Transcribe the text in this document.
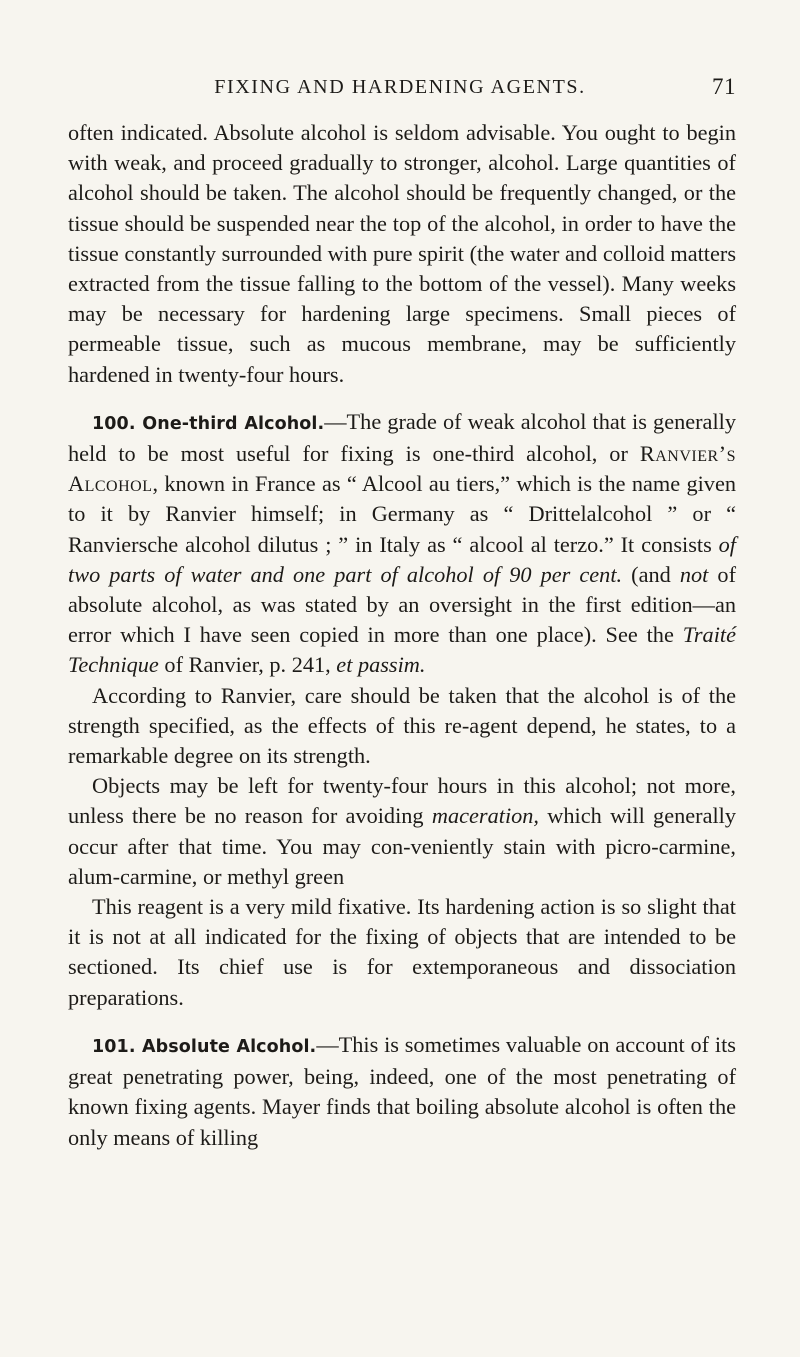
FIXING AND HARDENING AGENTS.	71

often indicated. Absolute alcohol is seldom advisable. You ought to begin with weak, and proceed gradually to stronger, alcohol. Large quantities of alcohol should be taken. The alcohol should be frequently changed, or the tissue should be suspended near the top of the alcohol, in order to have the tissue constantly surrounded with pure spirit (the water and colloid matters extracted from the tissue falling to the bottom of the vessel). Many weeks may be necessary for hardening large specimens. Small pieces of permeable tissue, such as mucous membrane, may be sufficiently hardened in twenty-four hours.

100. One-third Alcohol.—The grade of weak alcohol that is generally held to be most useful for fixing is one-third alcohol, or Ranvier’s Alcohol, known in France as “ Alcool au tiers,” which is the name given to it by Ranvier himself; in Germany as “ Drittelalcohol ” or “ Ranviersche alcohol dilutus ; ” in Italy as “ alcool al terzo.” It consists of two parts of water and one part of alcohol of 90 per cent. (and not of absolute alcohol, as was stated by an oversight in the first edition—an error which I have seen copied in more than one place). See the Traité Technique of Ranvier, p. 241, et passim.

According to Ranvier, care should be taken that the alcohol is of the strength specified, as the effects of this re-agent depend, he states, to a remarkable degree on its strength.

Objects may be left for twenty-four hours in this alcohol; not more, unless there be no reason for avoiding maceration, which will generally occur after that time. You may con-veniently stain with picro-carmine, alum-carmine, or methyl green

This reagent is a very mild fixative. Its hardening action is so slight that it is not at all indicated for the fixing of objects that are intended to be sectioned. Its chief use is for extemporaneous and dissociation preparations.

101. Absolute Alcohol.—This is sometimes valuable on account of its great penetrating power, being, indeed, one of the most penetrating of known fixing agents. Mayer finds that boiling absolute alcohol is often the only means of killing
